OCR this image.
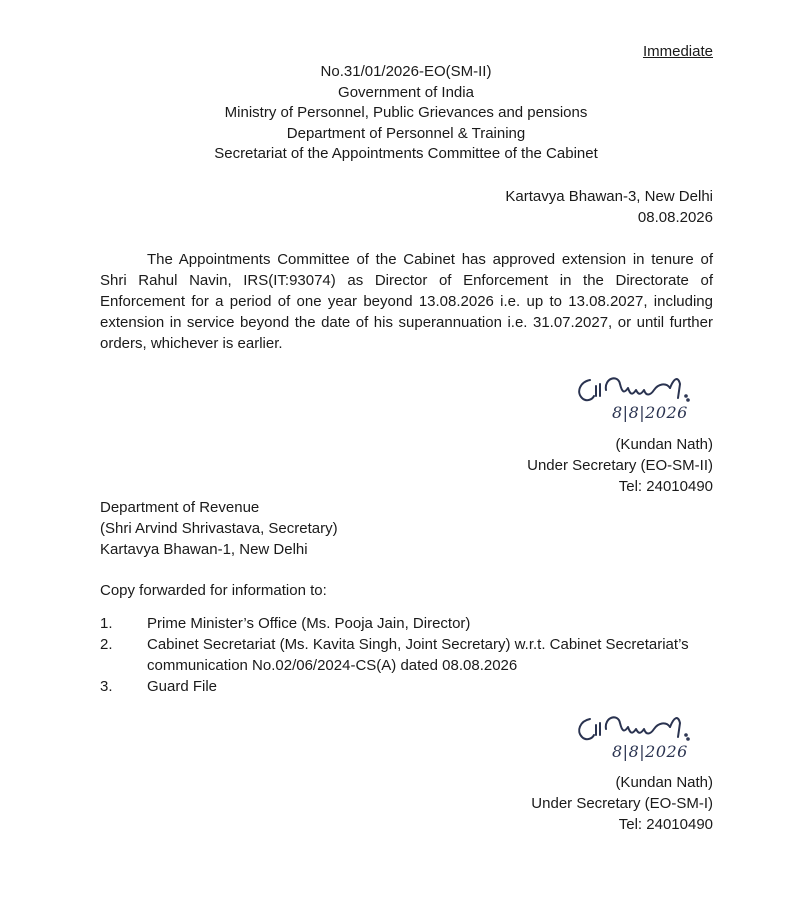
Immediate
No.31/01/2026-EO(SM-II)
Government of India
Ministry of Personnel, Public Grievances and pensions
Department of Personnel & Training
Secretariat of the Appointments Committee of the Cabinet
Kartavya Bhawan-3, New Delhi
08.08.2026
The Appointments Committee of the Cabinet has approved extension in tenure of Shri Rahul Navin, IRS(IT:93074) as Director of Enforcement in the Directorate of Enforcement for a period of one year beyond 13.08.2026 i.e. up to 13.08.2027, including extension in service beyond the date of his superannuation i.e. 31.07.2027, or until further orders, whichever is earlier.
8|8|2026
(Kundan Nath)
Under Secretary (EO-SM-II)
Tel: 24010490
Department of Revenue
(Shri Arvind Shrivastava, Secretary)
Kartavya Bhawan-1, New Delhi
Copy forwarded for information to:
1. Prime Minister’s Office (Ms. Pooja Jain, Director)
2. Cabinet Secretariat (Ms. Kavita Singh, Joint Secretary) w.r.t. Cabinet Secretariat’s
communication No.02/06/2024-CS(A) dated 08.08.2026
3. Guard File
8|8|2026
(Kundan Nath)
Under Secretary (EO-SM-I)
Tel: 24010490
